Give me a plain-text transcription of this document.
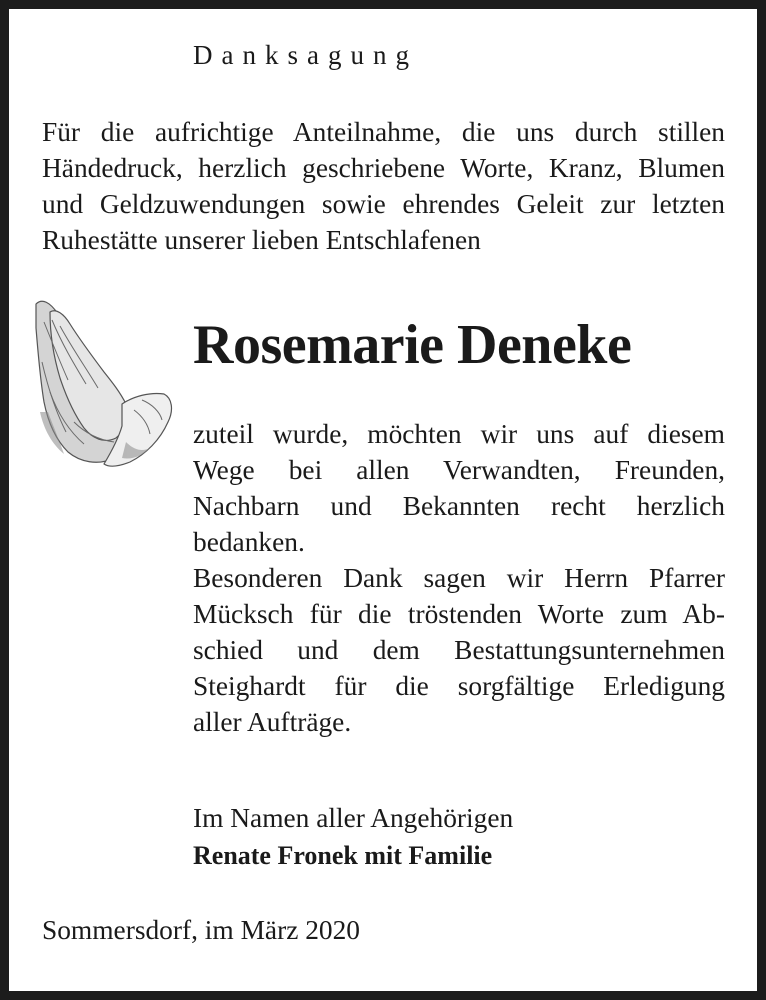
Danksagung

Für die aufrichtige Anteilnahme, die uns durch stillen Händedruck, herzlich geschriebene Worte, Kranz, Blumen und Geldzuwendungen sowie ehrendes Geleit zur letzten Ruhestätte unserer lieben Entschlafenen

Rosemarie Deneke
zuteil wurde, möchten wir uns auf diesem
Wege bei allen Verwandten, Freunden,
Nachbarn und Bekannten recht herzlich
bedanken.
Besonderen Dank sagen wir Herrn Pfarrer
Mücksch für die tröstenden Worte zum Ab-
schied und dem Bestattungsunternehmen
Steighardt für die sorgfältige Erledigung
aller Aufträge.

Im Namen aller Angehörigen

Renate Fronek mit Familie

Sommersdorf, im März 2020
